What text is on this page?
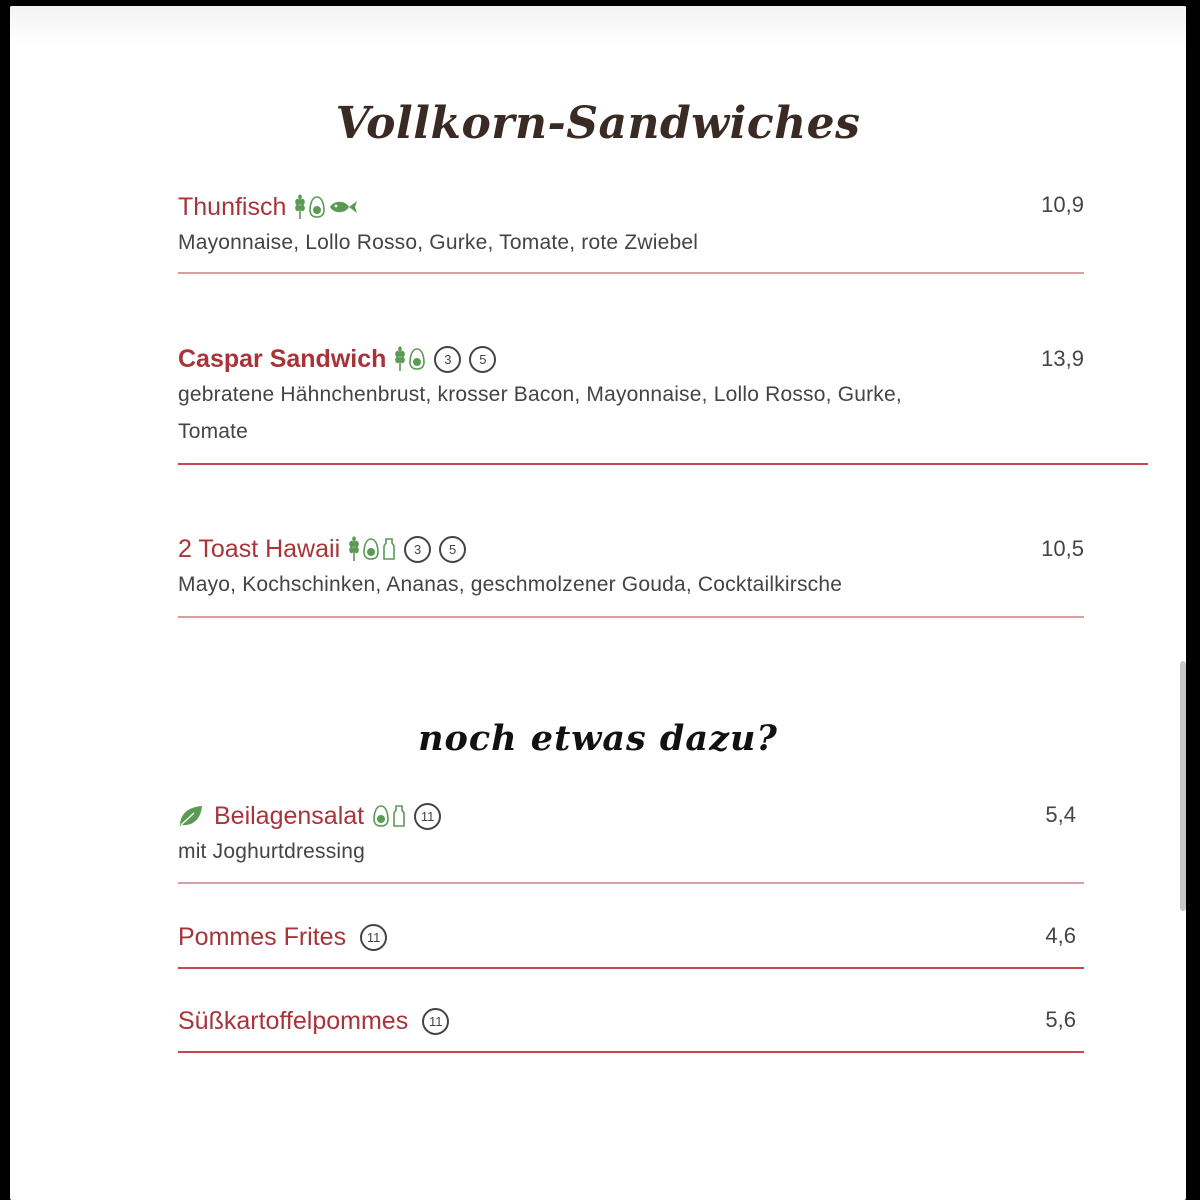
Vollkorn-Sandwiches
Thunfisch
Mayonnaise, Lollo Rosso, Gurke, Tomate, rote Zwiebel
10,9
Caspar Sandwich	3	5
gebratene Hähnchenbrust, krosser Bacon, Mayonnaise, Lollo Rosso, Gurke,
Tomate
13,9
2 Toast Hawaii	3	5
Mayo, Kochschinken, Ananas, geschmolzener Gouda, Cocktailkirsche
10,5
noch etwas dazu?
Beilagensalat	11
mit Joghurtdressing
5,4
Pommes Frites	11	4,6
Süßkartoffelpommes	11	5,6
